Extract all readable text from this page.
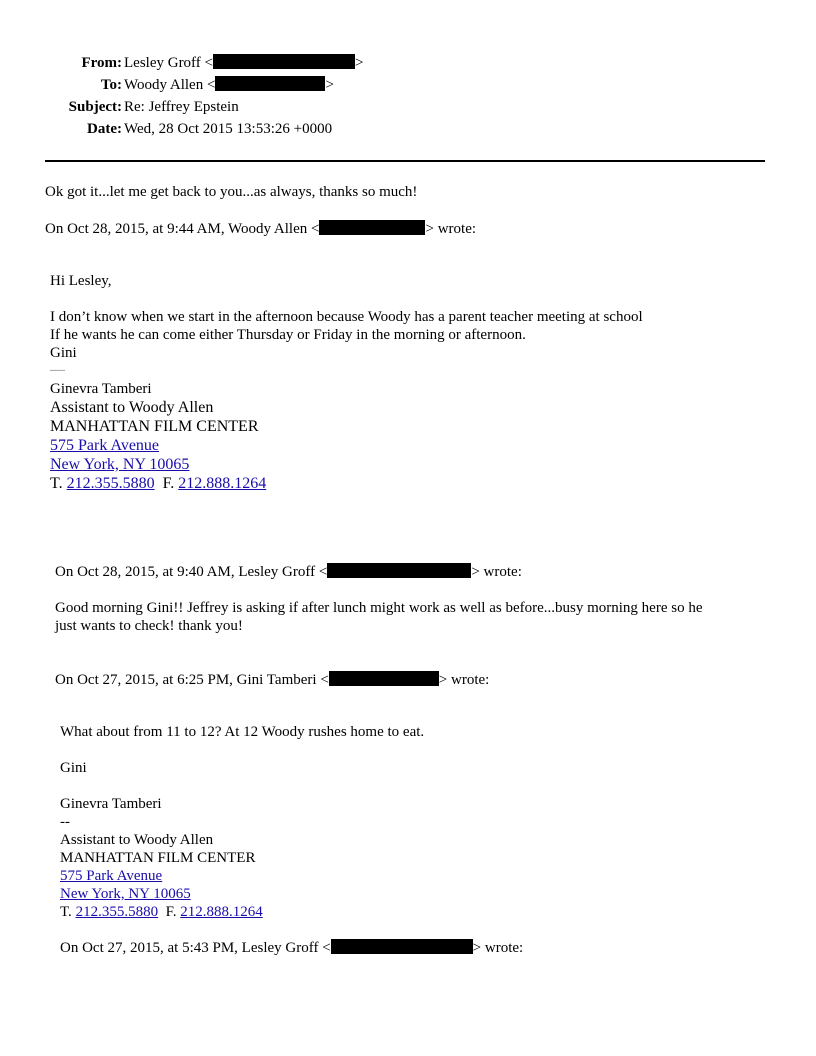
From: Lesley Groff <	>
To: Woody Allen <	>
Subject: Re: Jeffrey Epstein
Date: Wed, 28 Oct 2015 13:53:26 +0000
Ok got it...let me get back to you...as always, thanks so much!
On Oct 28, 2015, at 9:44 AM, Woody Allen <	> wrote:
Hi Lesley,
I don’t know when we start in the afternoon because Woody has a parent teacher meeting at school
If he wants he can come either Thursday or Friday in the morning or afternoon.
Gini
—
Ginevra Tamberi
Assistant to Woody Allen
MANHATTAN FILM CENTER
575 Park Avenue
New York, NY 10065
T. 212.355.5880 F. 212.888.1264
On Oct 28, 2015, at 9:40 AM, Lesley Groff <	> wrote:
Good morning Gini!! Jeffrey is asking if after lunch might work as well as before...busy morning here so he
just wants to check! thank you!
On Oct 27, 2015, at 6:25 PM, Gini Tamberi <	> wrote:
What about from 11 to 12? At 12 Woody rushes home to eat.
Gini
Ginevra Tamberi
--
Assistant to Woody Allen
MANHATTAN FILM CENTER
575 Park Avenue
New York, NY 10065
T. 212.355.5880 F. 212.888.1264
On Oct 27, 2015, at 5:43 PM, Lesley Groff <	> wrote:
